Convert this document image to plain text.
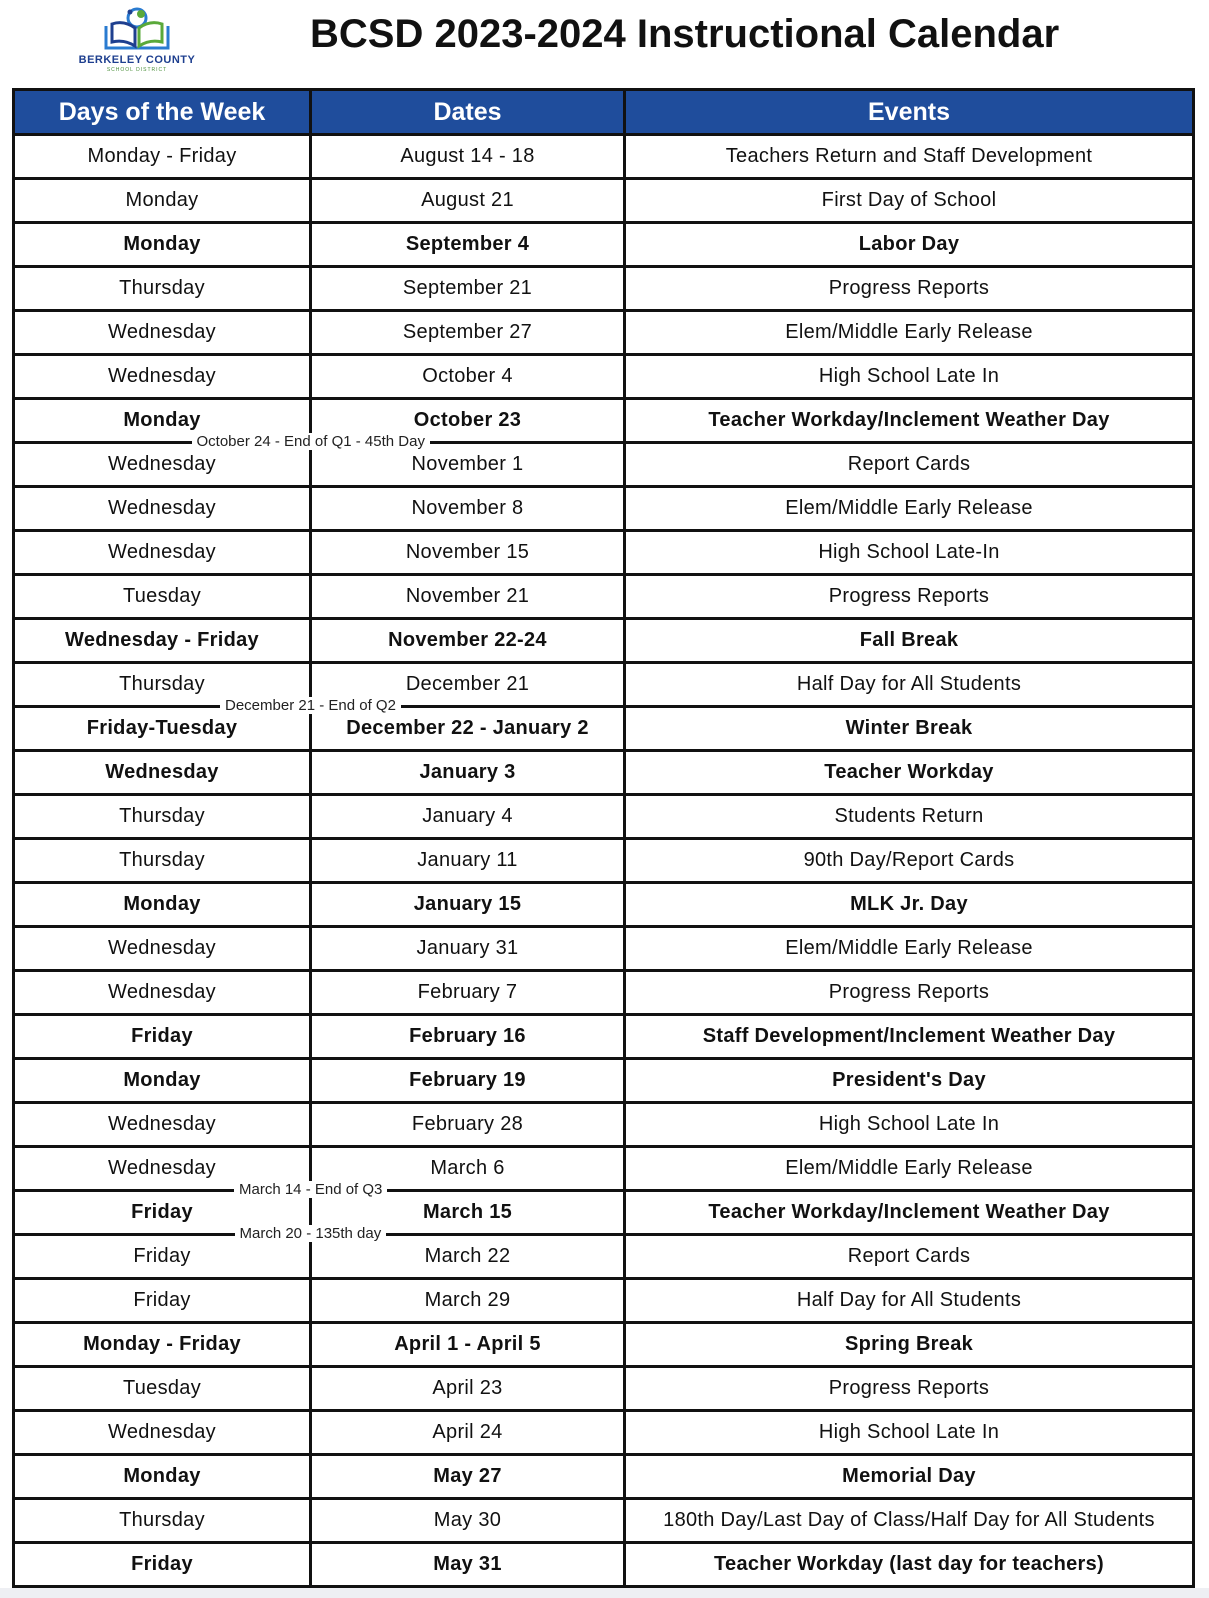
BERKELEY COUNTY
SCHOOL DISTRICT
BCSD 2023-2024 Instructional Calendar
Days of the Week	Dates	Events
Monday - Friday	August 14 - 18	Teachers Return and Staff Development
Monday	August 21	First Day of School
Monday	September 4	Labor Day
Thursday	September 21	Progress Reports
Wednesday	September 27	Elem/Middle Early Release
Wednesday	October 4	High School Late In
Monday	October 23	Teacher Workday/Inclement Weather Day
Wednesday	November 1	Report Cards
Wednesday	November 8	Elem/Middle Early Release
Wednesday	November 15	High School Late-In
Tuesday	November 21	Progress Reports
Wednesday - Friday	November 22-24	Fall Break
Thursday	December 21	Half Day for All Students
Friday-Tuesday	December 22 - January 2	Winter Break
Wednesday	January 3	Teacher Workday
Thursday	January 4	Students Return
Thursday	January 11	90th Day/Report Cards
Monday	January 15	MLK Jr. Day
Wednesday	January 31	Elem/Middle Early Release
Wednesday	February 7	Progress Reports
Friday	February 16	Staff Development/Inclement Weather Day
Monday	February 19	President's Day
Wednesday	February 28	High School Late In
Wednesday	March 6	Elem/Middle Early Release
Friday	March 15	Teacher Workday/Inclement Weather Day
Friday	March 22	Report Cards
Friday	March 29	Half Day for All Students
Monday - Friday	April 1 - April 5	Spring Break
Tuesday	April 23	Progress Reports
Wednesday	April 24	High School Late In
Monday	May 27	Memorial Day
Thursday	May 30	180th Day/Last Day of Class/Half Day for All Students
Friday	May 31	Teacher Workday (last day for teachers)
October 24 - End of Q1 - 45th Day
December 21 - End of Q2
March 14 - End of Q3
March 20 - 135th day
